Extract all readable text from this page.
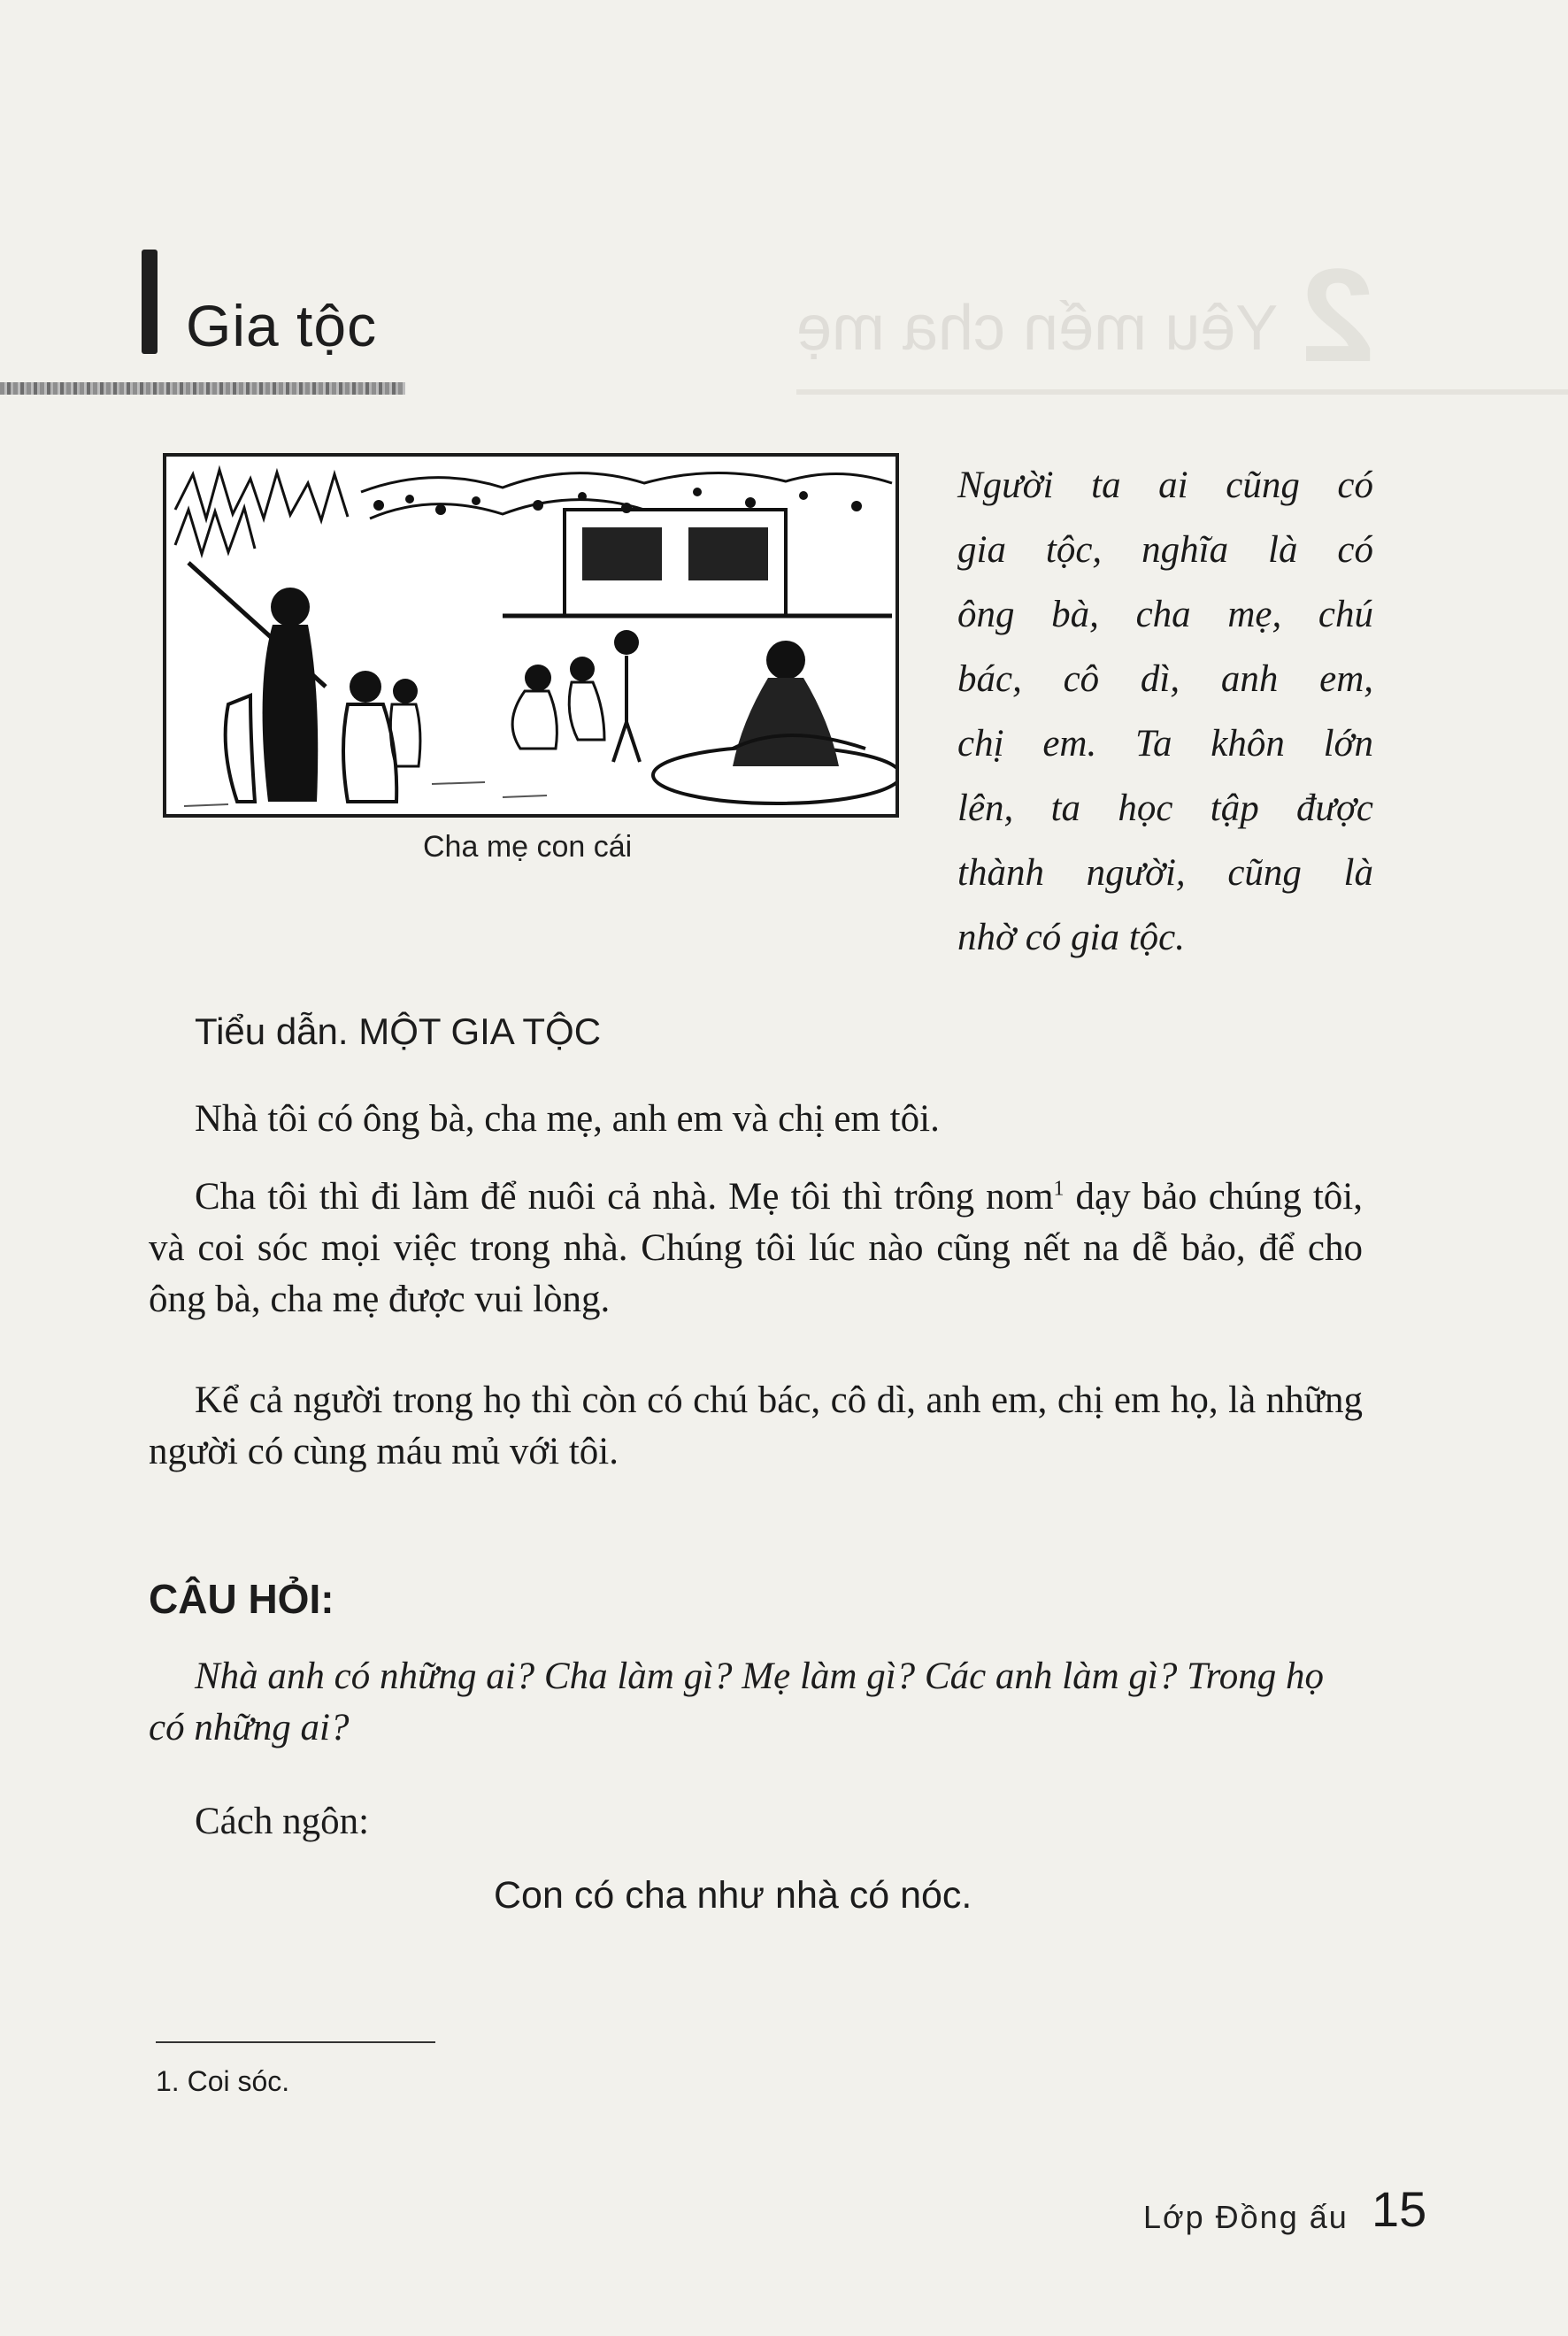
Yêu mến cha mẹ 2
Gia tộc
Cha mẹ con cái
Người ta ai cũng có
gia tộc, nghĩa là có
ông bà, cha mẹ, chú
bác, cô dì, anh em,
chị em. Ta khôn lớn
lên, ta học tập được
thành người, cũng là
nhờ có gia tộc.
Tiểu dẫn. MỘT GIA TỘC
Nhà tôi có ông bà, cha mẹ, anh em và chị em tôi.
Cha tôi thì đi làm để nuôi cả nhà. Mẹ tôi thì trông nom$^1$ dạy bảo chúng tôi, và coi sóc mọi việc trong nhà. Chúng tôi lúc nào cũng nết na dễ bảo, để cho ông bà, cha mẹ được vui lòng.
Kể cả người trong họ thì còn có chú bác, cô dì, anh em, chị em họ, là những người có cùng máu mủ với tôi.
CÂU HỎI:
Nhà anh có những ai? Cha làm gì? Mẹ làm gì? Các anh làm gì? Trong họ có những ai?
Cách ngôn:
Con có cha như nhà có nóc.
1. Coi sóc.
Lớp Đồng ấu 15
